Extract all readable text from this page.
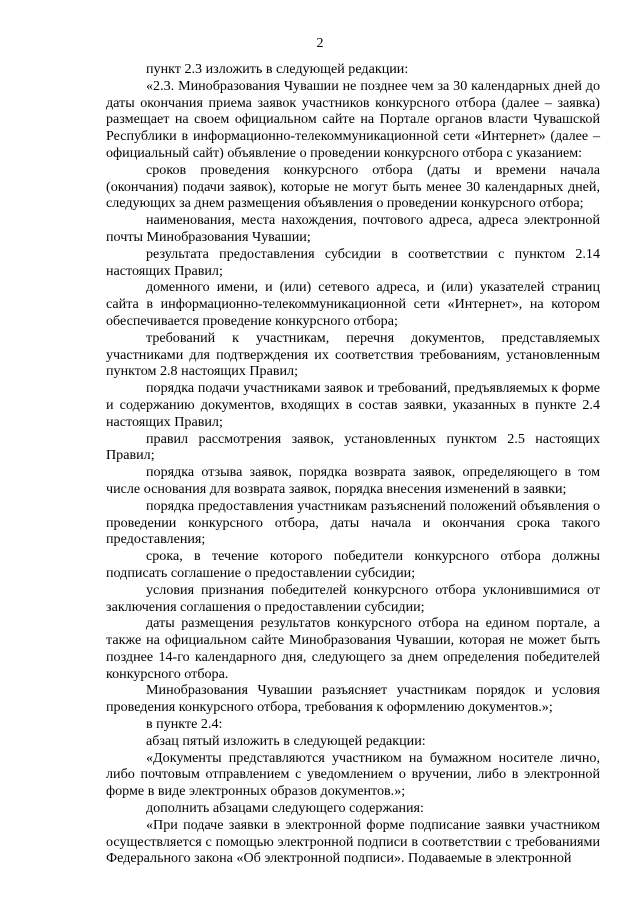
2

пункт 2.3 изложить в следующей редакции:

«2.3. Минобразования Чувашии не позднее чем за 30 календарных дней до даты окончания приема заявок участников конкурсного отбора (далее – заявка) размещает на своем официальном сайте на Портале органов власти Чувашской Республики в информационно-телекоммуникационной сети «Интернет» (далее – официальный сайт) объявление о проведении конкурсного отбора с указанием:

сроков проведения конкурсного отбора (даты и времени начала (окончания) подачи заявок), которые не могут быть менее 30 календарных дней, следующих за днем размещения объявления о проведении конкурсного отбора;

наименования, места нахождения, почтового адреса, адреса электронной почты Минобразования Чувашии;

результата предоставления субсидии в соответствии с пунктом 2.14 настоящих Правил;

доменного имени, и (или) сетевого адреса, и (или) указателей страниц сайта в информационно-телекоммуникационной сети «Интернет», на котором обеспечивается проведение конкурсного отбора;

требований к участникам, перечня документов, представляемых участниками для подтверждения их соответствия требованиям, установленным пунктом 2.8 настоящих Правил;

порядка подачи участниками заявок и требований, предъявляемых к форме и содержанию документов, входящих в состав заявки, указанных в пункте 2.4 настоящих Правил;

правил рассмотрения заявок, установленных пунктом 2.5 настоящих Правил;

порядка отзыва заявок, порядка возврата заявок, определяющего в том числе основания для возврата заявок, порядка внесения изменений в заявки;

порядка предоставления участникам разъяснений положений объявления о проведении конкурсного отбора, даты начала и окончания срока такого предоставления;

срока, в течение которого победители конкурсного отбора должны подписать соглашение о предоставлении субсидии;

условия признания победителей конкурсного отбора уклонившимися от заключения соглашения о предоставлении субсидии;

даты размещения результатов конкурсного отбора на едином портале, а также на официальном сайте Минобразования Чувашии, которая не может быть позднее 14-го календарного дня, следующего за днем определения победителей конкурсного отбора.

Минобразования Чувашии разъясняет участникам порядок и условия проведения конкурсного отбора, требования к оформлению документов.»;

в пункте 2.4:

абзац пятый изложить в следующей редакции:

«Документы представляются участником на бумажном носителе лично, либо почтовым отправлением с уведомлением о вручении, либо в электронной форме в виде электронных образов документов.»;

дополнить абзацами следующего содержания:

«При подаче заявки в электронной форме подписание заявки участником осуществляется с помощью электронной подписи в соответствии с требованиями Федерального закона «Об электронной подписи». Подаваемые в электронной
